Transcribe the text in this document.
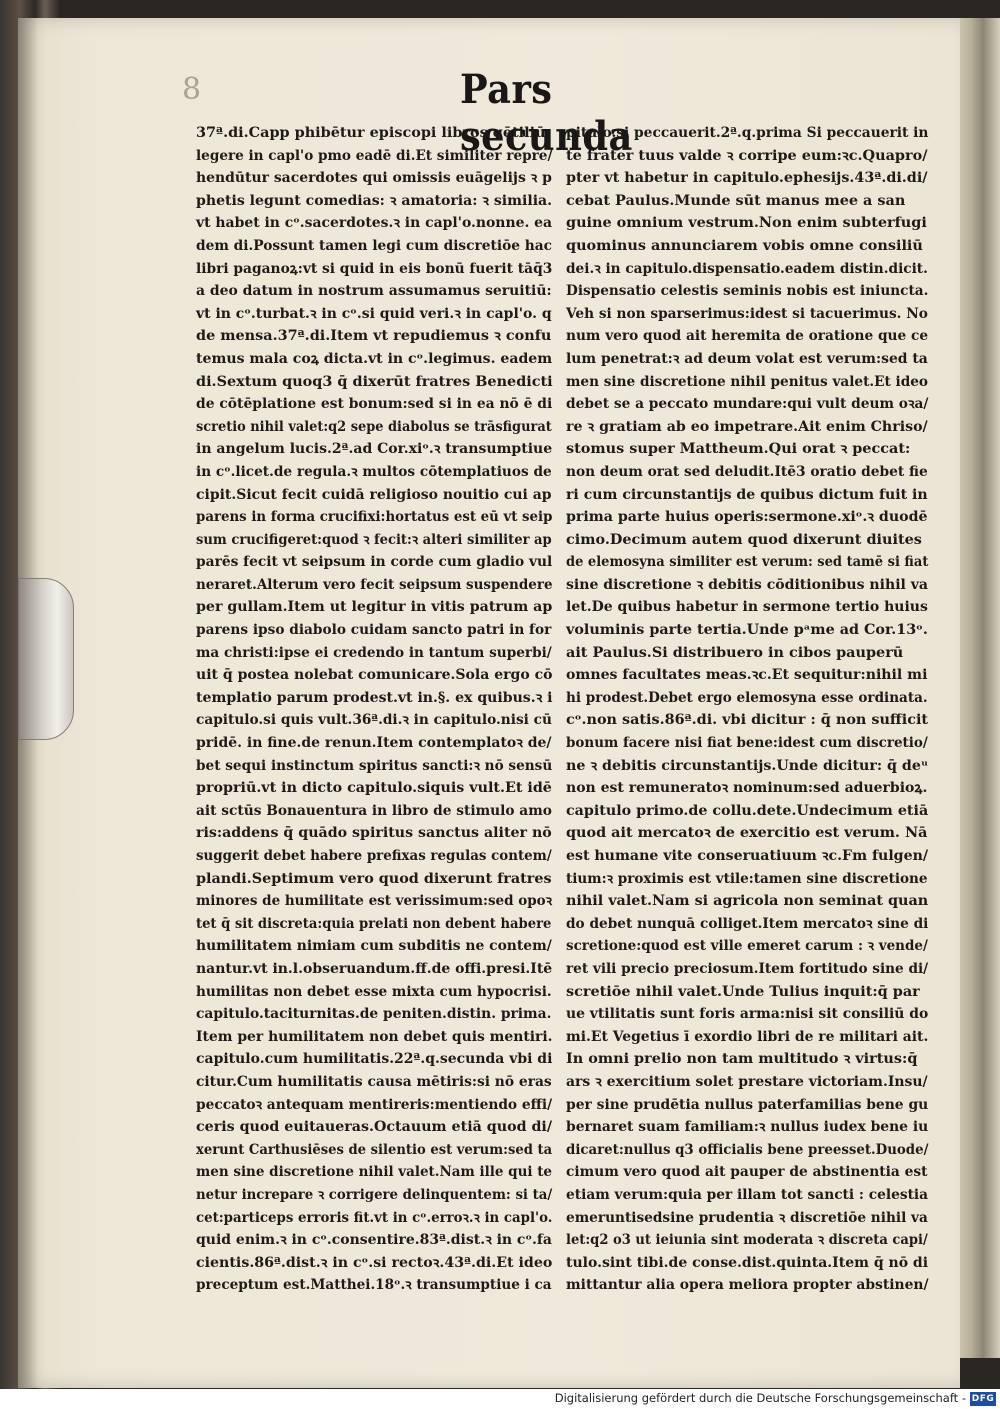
8	Pars secunda
37ª.di.Capp phibētur episcopi libros gētiliū
legere in capl'o pmo eadē di.Et similiter repre/
hendūtur sacerdotes qui omissis euāgelijs ꝛ p
phetis legunt comedias: ꝛ amatoria: ꝛ similia.
vt habet in cᵒ.sacerdotes.ꝛ in capl'o.nonne. ea
dem di.Possunt tamen legi cum discretiōe hac
libri paganoꝝ:vt si quid in eis bonū fuerit tāq̄3
a deo datum in nostrum assumamus seruitiū:
vt in cᵒ.turbat.ꝛ in cᵒ.si quid veri.ꝛ in capl'o. q
de mensa.37ª.di.Item vt repudiemus ꝛ confu
temus mala coꝝ dicta.vt in cᵒ.legimus. eadem
di.Sextum quoq3 q̄ dixerūt fratres Benedicti
de cōtēplatione est bonum:sed si in ea nō ē di
scretio nihil valet:q2 sepe diabolus se trāsfigurat
in angelum lucis.2ª.ad Cor.xiᵒ.ꝛ transumptiue
in cᵒ.licet.de regula.ꝛ multos cōtemplatiuos de
cipit.Sicut fecit cuidā religioso nouitio cui ap
parens in forma crucifixi:hortatus est eū vt seip
sum crucifigeret:quod ꝛ fecit:ꝛ alteri similiter ap
parēs fecit vt seipsum in corde cum gladio vul
neraret.Alterum vero fecit seipsum suspendere
per gullam.Item ut legitur in vitis patrum ap
parens ipso diabolo cuidam sancto patri in for
ma christi:ipse ei credendo in tantum superbi/
uit q̄ postea nolebat comunicare.Sola ergo cō
templatio parum prodest.vt in.§. ex quibus.ꝛ i
capitulo.si quis vult.36ª.di.ꝛ in capitulo.nisi cū
pridē. in fine.de renun.Item contemplatoꝛ de/
bet sequi instinctum spiritus sancti:ꝛ nō sensū
propriū.vt in dicto capitulo.siquis vult.Et idē
ait sctūs Bonauentura in libro de stimulo amo
ris:addens q̄ quādo spiritus sanctus aliter nō
suggerit debet habere prefixas regulas contem/
plandi.Septimum vero quod dixerunt fratres
minores de humilitate est verissimum:sed opoꝛ
tet q̄ sit discreta:quia prelati non debent habere
humilitatem nimiam cum subditis ne contem/
nantur.vt in.l.obseruandum.ff.de offi.presi.Itē
humilitas non debet esse mixta cum hypocrisi.
capitulo.taciturnitas.de peniten.distin. prima.
Item per humilitatem non debet quis mentiri.
capitulo.cum humilitatis.22ª.q.secunda vbi di
citur.Cum humilitatis causa mētiris:si nō eras
peccatoꝛ antequam mentireris:mentiendo effi/
ceris quod euitaueras.Octauum etiā quod di/
xerunt Carthusiēses de silentio est verum:sed ta
men sine discretione nihil valet.Nam ille qui te
netur increpare ꝛ corrigere delinquentem: si ta/
cet:particeps erroris fit.vt in cᵒ.erroꝛ.ꝛ in capl'o.
quid enim.ꝛ in cᵒ.consentire.83ª.dist.ꝛ in cᵒ.fa
cientis.86ª.dist.ꝛ in cᵒ.si rectoꝛ.43ª.di.Et ideo
preceptum est.Matthei.18ᵒ.ꝛ transumptiue i ca
pitulo.si peccauerit.2ª.q.prima Si peccauerit in
te frater tuus valde ꝛ corripe eum:ꝛc.Quapro/
pter vt habetur in capitulo.ephesijs.43ª.di.di/
cebat Paulus.Munde sūt manus mee a san
guine omnium vestrum.Non enim subterfugi
quominus annunciarem vobis omne consiliū
dei.ꝛ in capitulo.dispensatio.eadem distin.dicit.
Dispensatio celestis seminis nobis est iniuncta.
Veh si non sparserimus:idest si tacuerimus. No
num vero quod ait heremita de oratione que ce
lum penetrat:ꝛ ad deum volat est verum:sed ta
men sine discretione nihil penitus valet.Et ideo
debet se a peccato mundare:qui vult deum oꝛa/
re ꝛ gratiam ab eo impetrare.Ait enim Chriso/
stomus super Mattheum.Qui orat ꝛ peccat:
non deum orat sed deludit.Itē3 oratio debet fie
ri cum circunstantijs de quibus dictum fuit in
prima parte huius operis:sermone.xiᵒ.ꝛ duodē
cimo.Decimum autem quod dixerunt diuites
de elemosyna similiter est verum: sed tamē si fiat
sine discretione ꝛ debitis cōditionibus nihil va
let.De quibus habetur in sermone tertio huius
voluminis parte tertia.Unde pᵃme ad Cor.13ᵒ.
ait Paulus.Si distribuero in cibos pauperū
omnes facultates meas.ꝛc.Et sequitur:nihil mi
hi prodest.Debet ergo elemosyna esse ordinata.
cᵒ.non satis.86ª.di. vbi dicitur : q̄ non sufficit
bonum facere nisi fiat bene:idest cum discretio/
ne ꝛ debitis circunstantijs.Unde dicitur: q̄ deᵘ
non est remuneratoꝛ nominum:sed aduerbioꝝ.
capitulo primo.de collu.dete.Undecimum etiā
quod ait mercatoꝛ de exercitio est verum. Nā
est humane vite conseruatiuum ꝛc.Fm fulgen/
tium:ꝛ proximis est vtile:tamen sine discretione
nihil valet.Nam si agricola non seminat quan
do debet nunquā colliget.Item mercatoꝛ sine di
scretione:quod est ville emeret carum : ꝛ vende/
ret vili precio preciosum.Item fortitudo sine di/
scretiōe nihil valet.Unde Tulius inquit:q̄ par
ue vtilitatis sunt foris arma:nisi sit consiliū do
mi.Et Vegetius ī exordio libri de re militari ait.
In omni prelio non tam multitudo ꝛ virtus:q̄
ars ꝛ exercitium solet prestare victoriam.Insu/
per sine prudētia nullus paterfamilias bene gu
bernaret suam familiam:ꝛ nullus iudex bene iu
dicaret:nullus q3 officialis bene preesset.Duode/
cimum vero quod ait pauper de abstinentia est
etiam verum:quia per illam tot sancti : celestia
emeruntisedsine prudentia ꝛ discretiōe nihil va
let:q2 o3 ut ieiunia sint moderata ꝛ discreta capi/
tulo.sint tibi.de conse.dist.quinta.Item q̄ nō di
mittantur alia opera meliora propter abstinen/
Digitalisierung gefördert durch die Deutsche Forschungsgemeinschaft - DFG
